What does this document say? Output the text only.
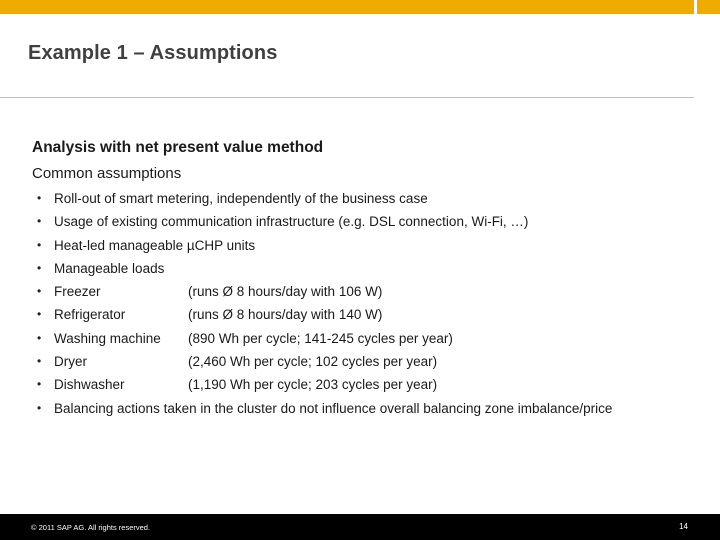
Example 1 – Assumptions
Analysis with net present value method
Common assumptions
• Roll-out of smart metering, independently of the business case
• Usage of existing communication infrastructure (e.g. DSL connection, Wi-Fi, …)
• Heat-led manageable µCHP units
• Manageable loads
• Freezer	(runs Ø 8 hours/day with 106 W)
• Refrigerator	(runs Ø 8 hours/day with 140 W)
• Washing machine (890 Wh per cycle; 141-245 cycles per year)
• Dryer	(2,460 Wh per cycle; 102 cycles per year)
• Dishwasher	(1,190 Wh per cycle; 203 cycles per year)
• Balancing actions taken in the cluster do not influence overall balancing zone imbalance/price
© 2011 SAP AG. All rights reserved.	14
